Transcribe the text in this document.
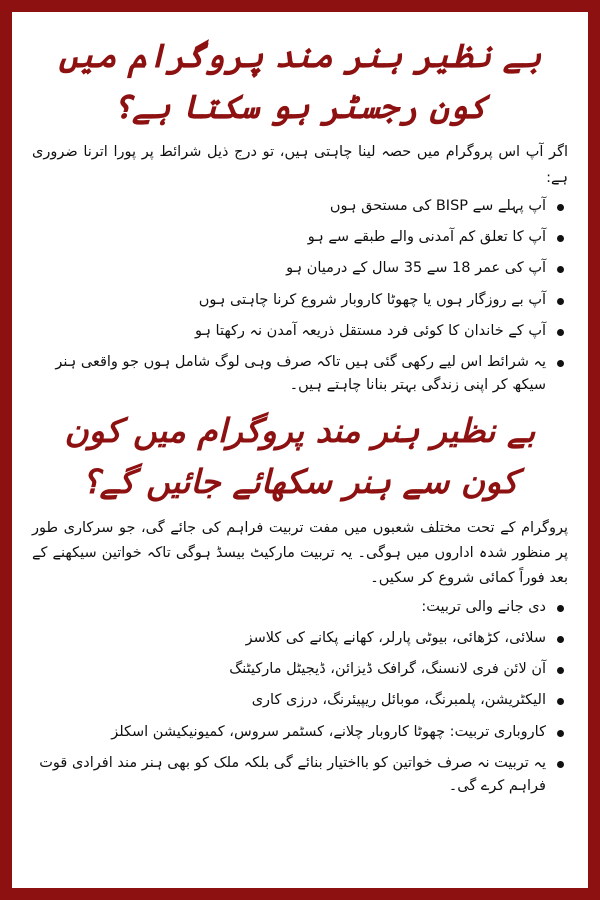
بے نظیر ہنر مند پروگرام میں کون رجسٹر ہو سکتا ہے؟

اگر آپ اس پروگرام میں حصہ لینا چاہتی ہیں، تو درج ذیل شرائط پر پورا اترنا ضروری ہے:

آپ پہلے سے BISP کی مستحق ہوں
آپ کا تعلق کم آمدنی والے طبقے سے ہو
آپ کی عمر 18 سے 35 سال کے درمیان ہو
آپ بے روزگار ہوں یا چھوٹا کاروبار شروع کرنا چاہتی ہوں
آپ کے خاندان کا کوئی فرد مستقل ذریعہ آمدن نہ رکھتا ہو
یہ شرائط اس لیے رکھی گئی ہیں تاکہ صرف وہی لوگ شامل ہوں جو واقعی ہنر سیکھ کر اپنی زندگی بہتر بنانا چاہتے ہیں۔
بے نظیر ہنر مند پروگرام میں کون کون سے ہنر سکھائے جائیں گے؟

پروگرام کے تحت مختلف شعبوں میں مفت تربیت فراہم کی جائے گی، جو سرکاری طور پر منظور شدہ اداروں میں ہوگی۔ یہ تربیت مارکیٹ بیسڈ ہوگی تاکہ خواتین سیکھنے کے بعد فوراً کمائی شروع کر سکیں۔

دی جانے والی تربیت:
سلائی، کڑھائی، بیوٹی پارلر، کھانے پکانے کی کلاسز
آن لائن فری لانسنگ، گرافک ڈیزائن، ڈیجیٹل مارکیٹنگ
الیکٹریشن، پلمبرنگ، موبائل ریپیئرنگ، درزی کاری
کاروباری تربیت: چھوٹا کاروبار چلانے، کسٹمر سروس، کمیونیکیشن اسکلز
یہ تربیت نہ صرف خواتین کو بااختیار بنائے گی بلکہ ملک کو بھی ہنر مند افرادی قوت فراہم کرے گی۔
